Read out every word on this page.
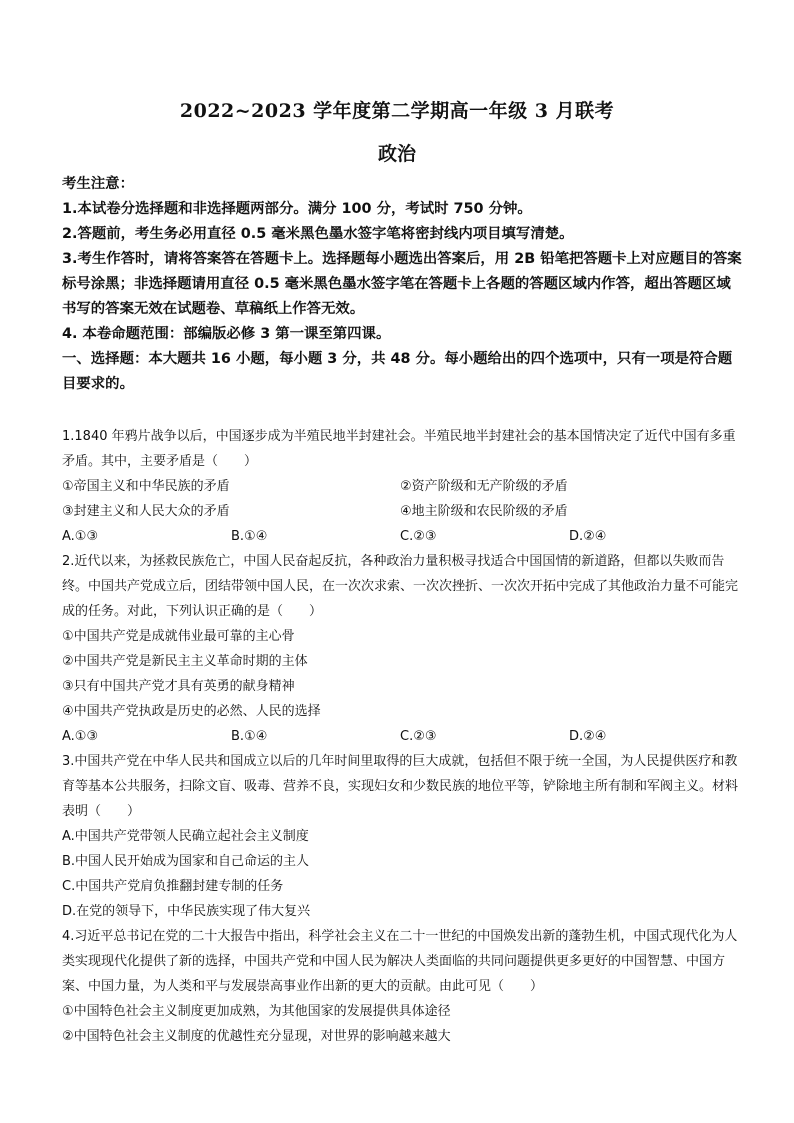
2022~2023 学年度第二学期高一年级 3 月联考
政治
考生注意：
1.本试卷分选择题和非选择题两部分。满分 100 分，考试时 750 分钟。
2.答题前，考生务必用直径 0.5 毫米黑色墨水签字笔将密封线内项目填写清楚。
3.考生作答时，请将答案答在答题卡上。选择题每小题选出答案后，用 2B 铅笔把答题卡上对应题目的答案标号涂黑；非选择题请用直径 0.5 毫米黑色墨水签字笔在答题卡上各题的答题区域内作答，超出答题区域书写的答案无效在试题卷、草稿纸上作答无效。
4. 本卷命题范围：部编版必修 3 第一课至第四课。
一、选择题：本大题共 16 小题，每小题 3 分，共 48 分。每小题给出的四个选项中，只有一项是符合题目要求的。
1.1840 年鸦片战争以后，中国逐步成为半殖民地半封建社会。半殖民地半封建社会的基本国情决定了近代中国有多重矛盾。其中，主要矛盾是（　　）
①帝国主义和中华民族的矛盾	②资产阶级和无产阶级的矛盾
③封建主义和人民大众的矛盾	④地主阶级和农民阶级的矛盾
A.①③	B.①④	C.②③	D.②④
2.近代以来，为拯救民族危亡，中国人民奋起反抗，各种政治力量积极寻找适合中国国情的新道路，但都以失败而告终。中国共产党成立后，团结带领中国人民，在一次次求索、一次次挫折、一次次开拓中完成了其他政治力量不可能完成的任务。对此，下列认识正确的是（　　）
①中国共产党是成就伟业最可靠的主心骨
②中国共产党是新民主主义革命时期的主体
③只有中国共产党才具有英勇的献身精神
④中国共产党执政是历史的必然、人民的选择
A.①③	B.①④	C.②③	D.②④
3.中国共产党在中华人民共和国成立以后的几年时间里取得的巨大成就，包括但不限于统一全国，为人民提供医疗和教育等基本公共服务，扫除文盲、吸毒、营养不良，实现妇女和少数民族的地位平等，铲除地主所有制和军阀主义。材料表明（　　）
A.中国共产党带领人民确立起社会主义制度
B.中国人民开始成为国家和自己命运的主人
C.中国共产党肩负推翻封建专制的任务
D.在党的领导下，中华民族实现了伟大复兴
4.习近平总书记在党的二十大报告中指出，科学社会主义在二十一世纪的中国焕发出新的蓬勃生机，中国式现代化为人类实现现代化提供了新的选择，中国共产党和中国人民为解决人类面临的共同问题提供更多更好的中国智慧、中国方案、中国力量，为人类和平与发展崇高事业作出新的更大的贡献。由此可见（　　）
①中国特色社会主义制度更加成熟，为其他国家的发展提供具体途径
②中国特色社会主义制度的优越性充分显现，对世界的影响越来越大
